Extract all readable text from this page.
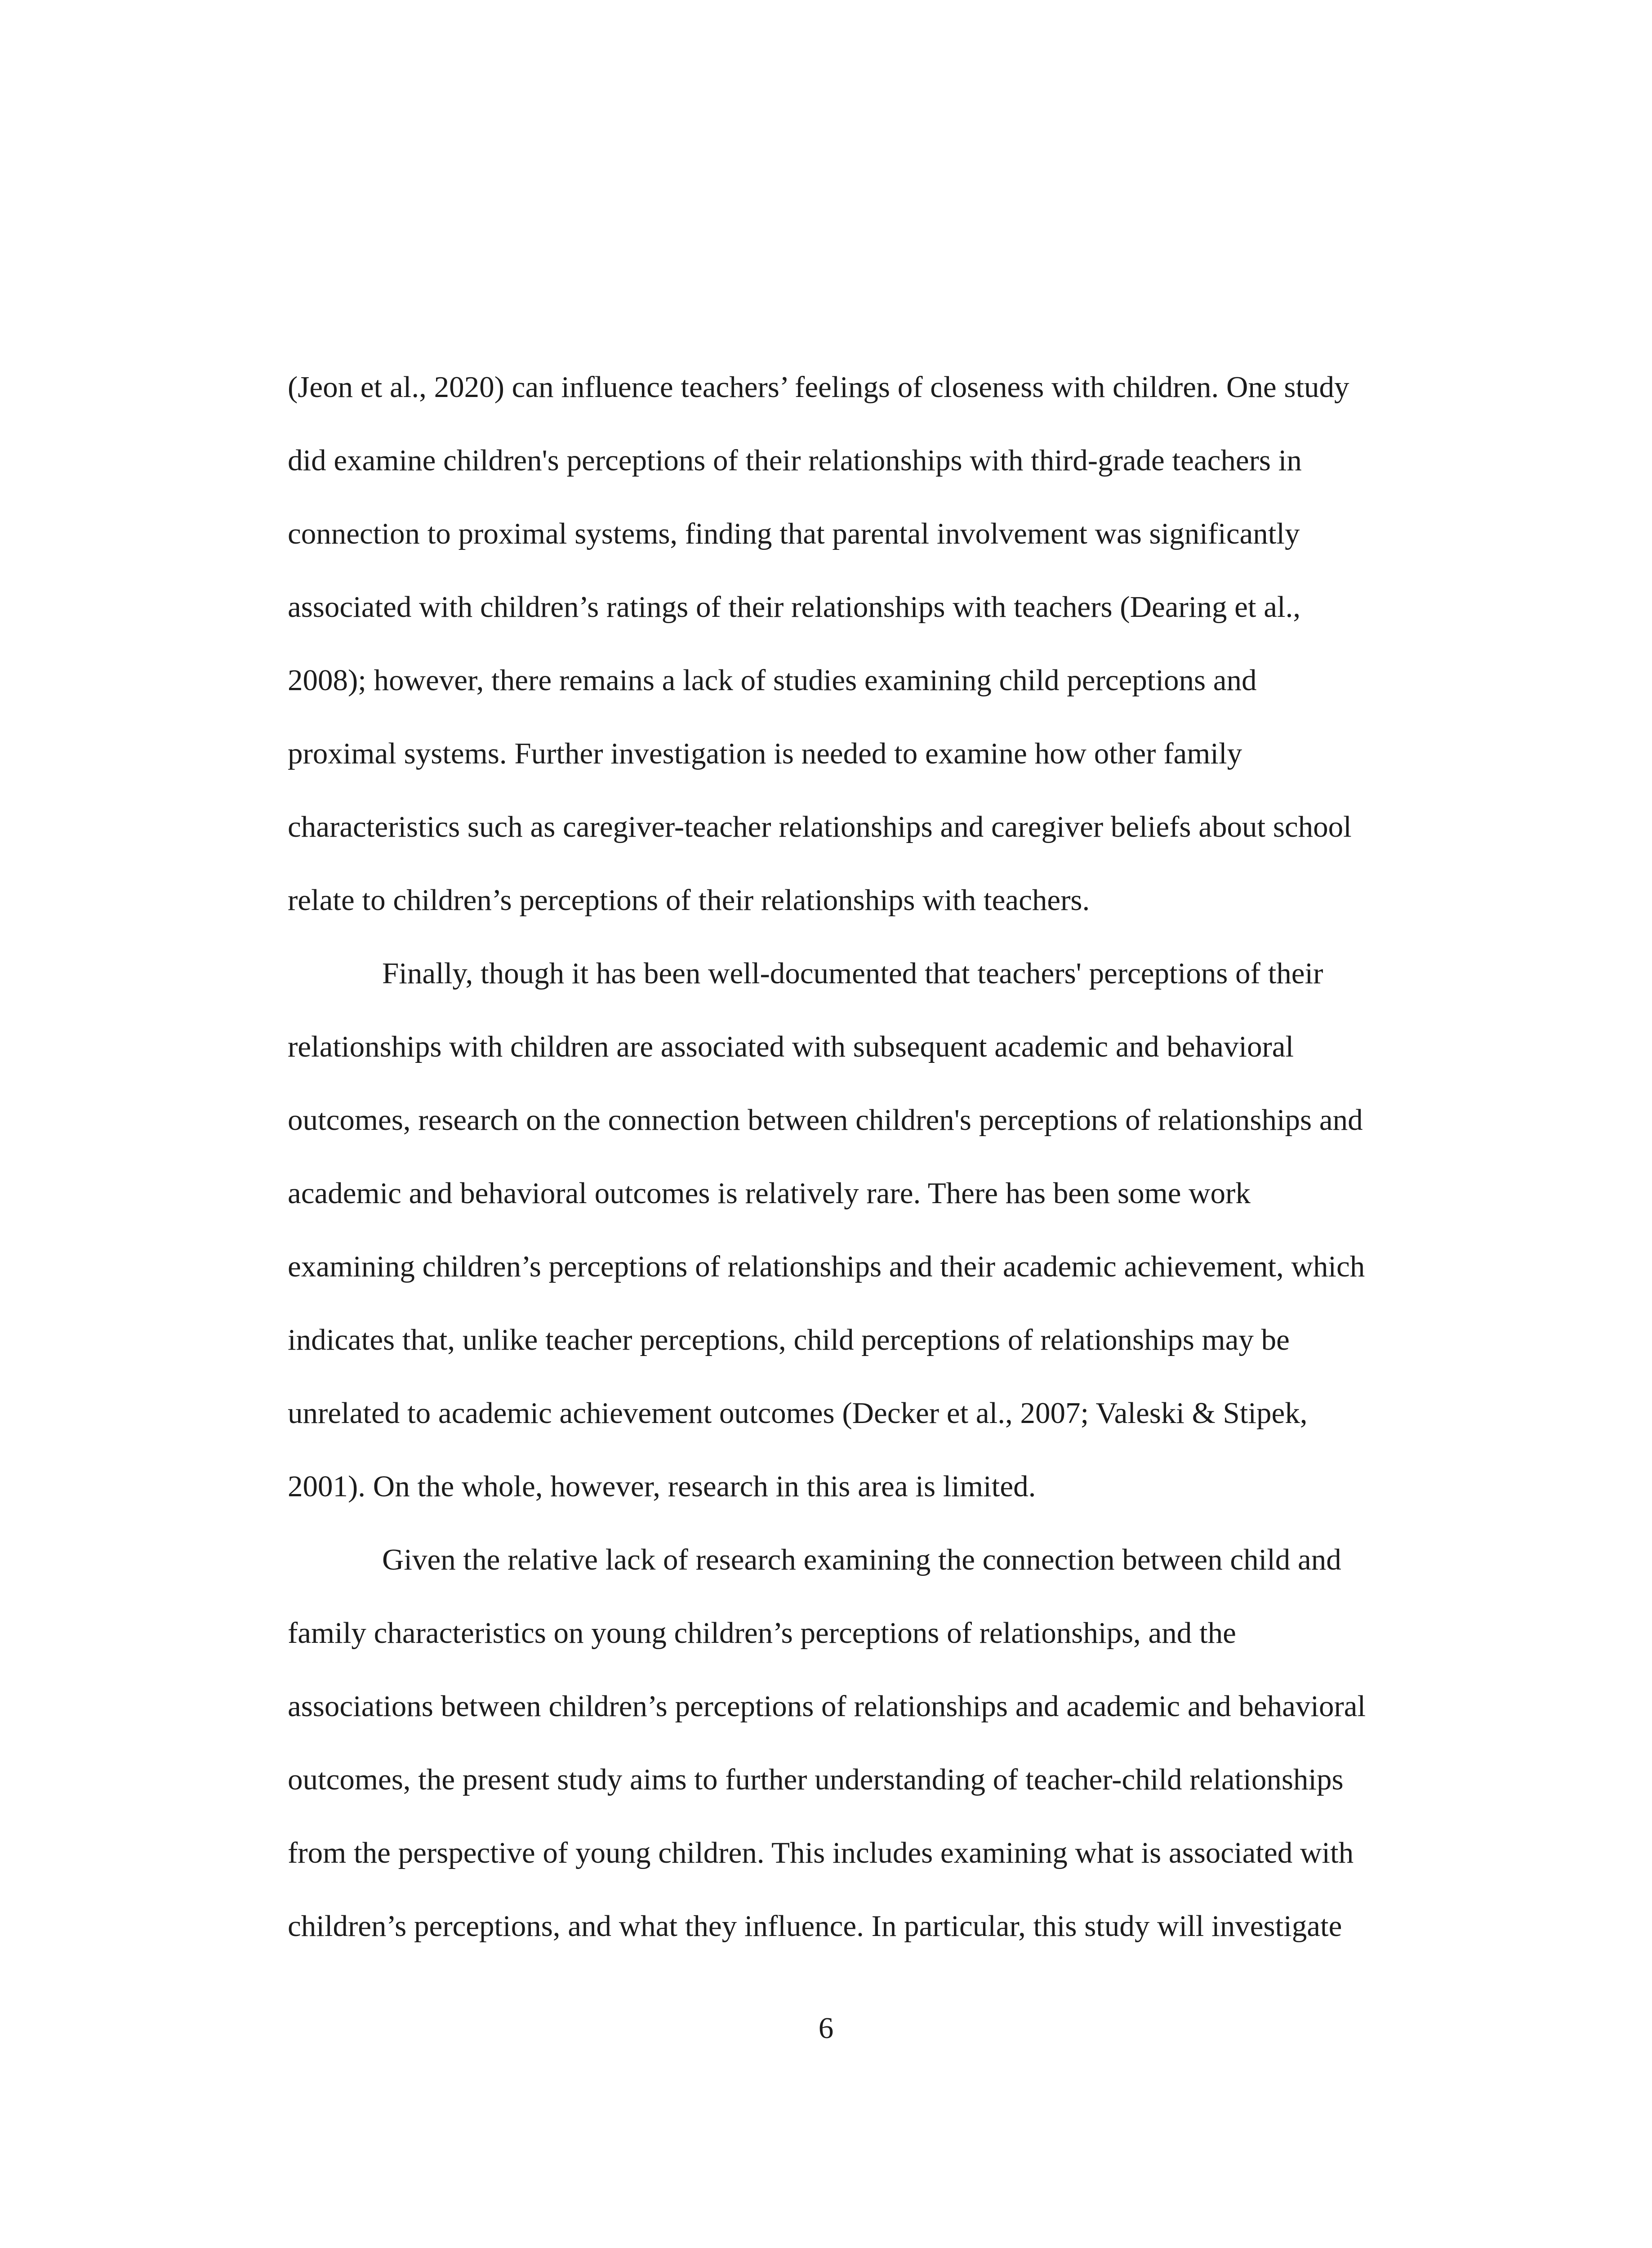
(Jeon et al., 2020) can influence teachers’ feelings of closeness with children. One study
did examine children's perceptions of their relationships with third-grade teachers in
connection to proximal systems, finding that parental involvement was significantly
associated with children’s ratings of their relationships with teachers (Dearing et al.,
2008); however, there remains a lack of studies examining child perceptions and
proximal systems. Further investigation is needed to examine how other family
characteristics such as caregiver-teacher relationships and caregiver beliefs about school
relate to children’s perceptions of their relationships with teachers.

Finally, though it has been well-documented that teachers' perceptions of their
relationships with children are associated with subsequent academic and behavioral
outcomes, research on the connection between children's perceptions of relationships and
academic and behavioral outcomes is relatively rare. There has been some work
examining children’s perceptions of relationships and their academic achievement, which
indicates that, unlike teacher perceptions, child perceptions of relationships may be
unrelated to academic achievement outcomes (Decker et al., 2007; Valeski & Stipek,
2001). On the whole, however, research in this area is limited.

Given the relative lack of research examining the connection between child and
family characteristics on young children’s perceptions of relationships, and the
associations between children’s perceptions of relationships and academic and behavioral
outcomes, the present study aims to further understanding of teacher-child relationships
from the perspective of young children. This includes examining what is associated with
children’s perceptions, and what they influence. In particular, this study will investigate

6
